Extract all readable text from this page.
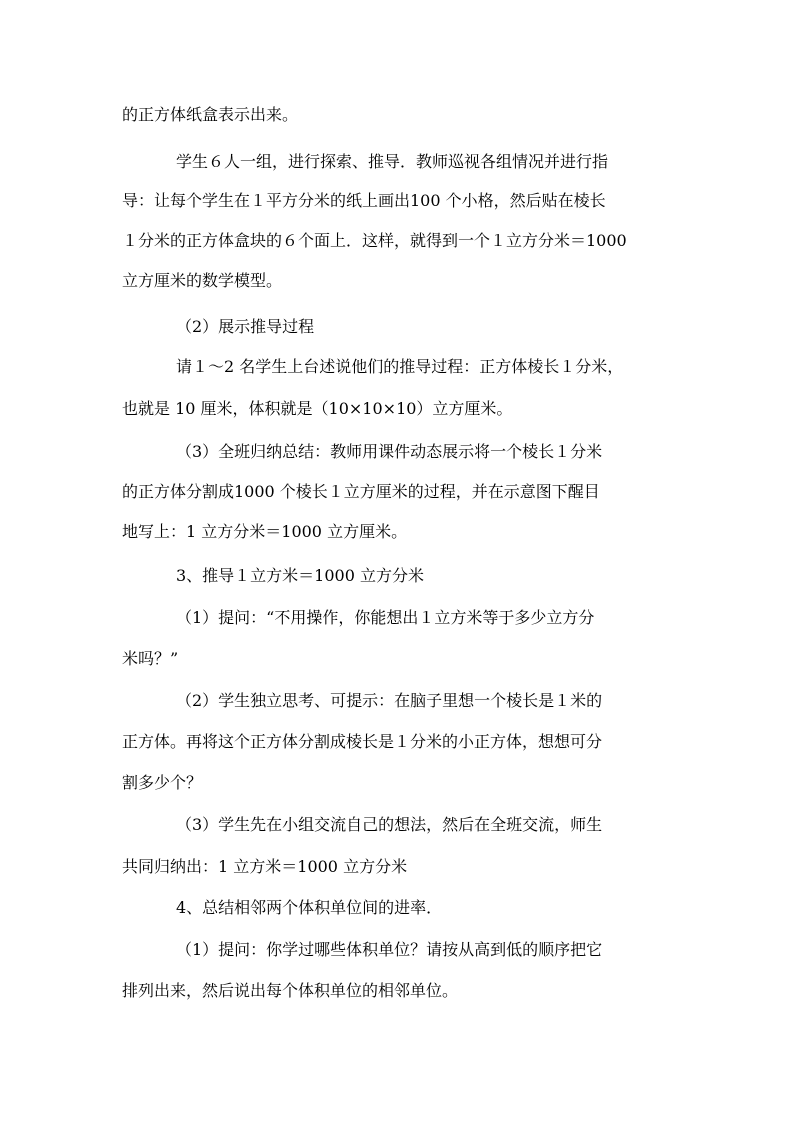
的正方体纸盒表示出来。
学生６人一组，进行探索、推导．教师巡视各组情况并进行指
导：让每个学生在１平方分米的纸上画出100 个小格，然后贴在棱长
１分米的正方体盒块的６个面上．这样，就得到一个１立方分米＝1000
立方厘米的数学模型。
（2）展示推导过程
请１～2 名学生上台述说他们的推导过程：正方体棱长１分米，
也就是 10 厘米，体积就是（10×10×10）立方厘米。
（3）全班归纳总结：教师用课件动态展示将一个棱长１分米
的正方体分割成1000 个棱长１立方厘米的过程，并在示意图下醒目
地写上：1 立方分米＝1000 立方厘米。
3、推导１立方米＝1000 立方分米
（1）提问：“不用操作，你能想出１立方米等于多少立方分
米吗？”
（2）学生独立思考、可提示：在脑子里想一个棱长是１米的
正方体。再将这个正方体分割成棱长是１分米的小正方体，想想可分
割多少个？
（3）学生先在小组交流自己的想法，然后在全班交流，师生
共同归纳出：1 立方米＝1000 立方分米
4、总结相邻两个体积单位间的进率．
（1）提问：你学过哪些体积单位？请按从高到低的顺序把它
排列出来，然后说出每个体积单位的相邻单位。
